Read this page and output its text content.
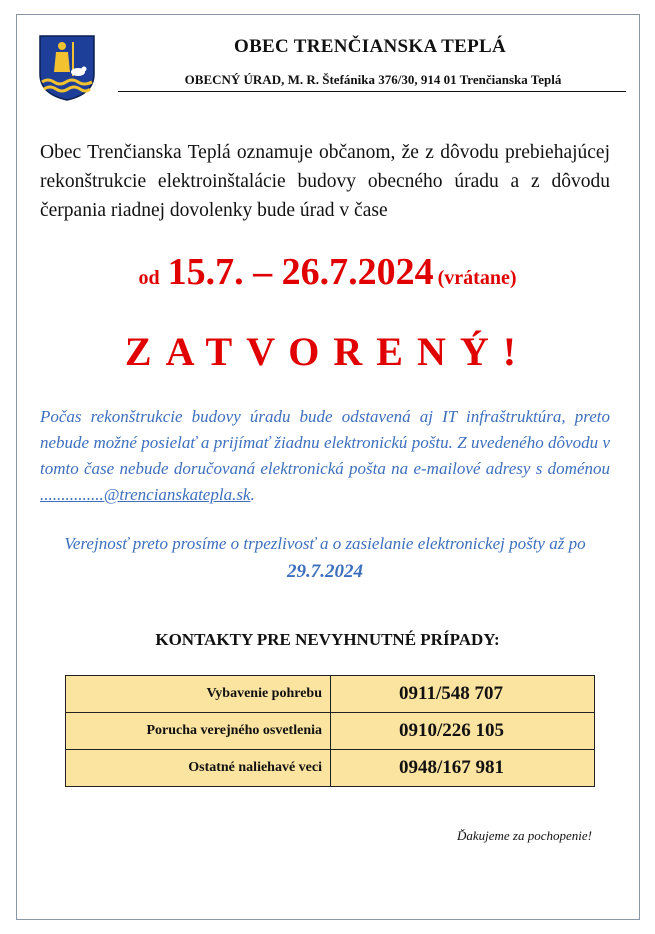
OBEC TRENČIANSKA TEPLÁ
OBECNÝ ÚRAD, M. R. Štefánika 376/30, 914 01 Trenčianska Teplá

Obec Trenčianska Teplá oznamuje občanom, že z dôvodu prebiehajúcej rekonštrukcie elektroinštalácie budovy obecného úradu a z dôvodu čerpania riadnej dovolenky bude úrad v čase

od 15.7. – 26.7.2024 (vrátane)
ZATVORENÝ!

Počas rekonštrukcie budovy úradu bude odstavená aj IT infraštruktúra, preto nebude možné posielať a prijímať žiadnu elektronickú poštu. Z uvedeného dôvodu v tomto čase nebude doručovaná elektronická pošta na e-mailové adresy s doménou ...............@trencianskatepla.sk.

Verejnosť preto prosíme o trpezlivosť a o zasielanie elektronickej pošty až po 29.7.2024

KONTAKTY PRE NEVYHNUTNÉ PRÍPADY:
Vybavenie pohrebu	0911/548 707
Porucha verejného osvetlenia	0910/226 105
Ostatné naliehavé veci	0948/167 981
Ďakujeme za pochopenie!
